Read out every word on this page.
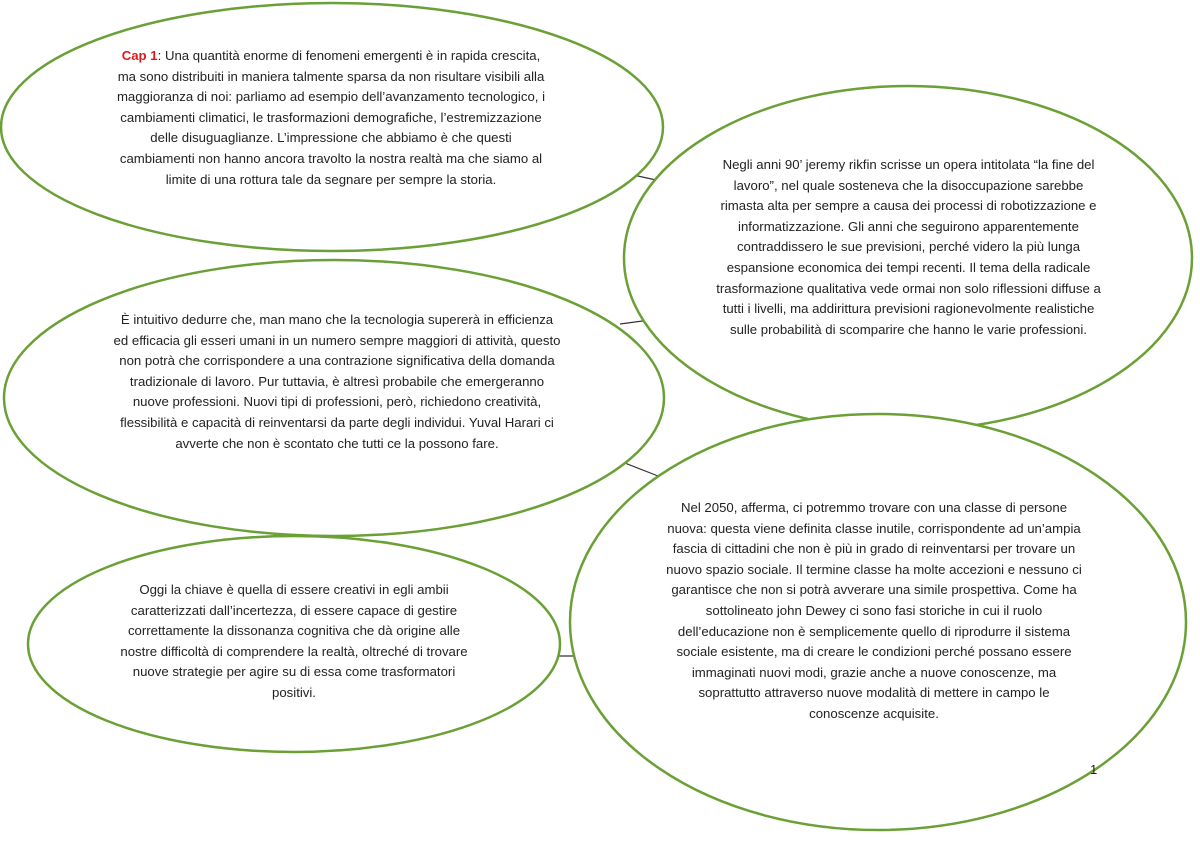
Cap 1: Una quantità enorme di fenomeni emergenti è in rapida crescita, ma sono distribuiti in maniera talmente sparsa da non risultare visibili alla maggioranza di noi: parliamo ad esempio dell’avanzamento tecnologico, i cambiamenti climatici, le trasformazioni demografiche, l’estremizzazione delle disuguaglianze. L’impressione che abbiamo è che questi cambiamenti non hanno ancora travolto la nostra realtà ma che siamo al limite di una rottura tale da segnare per sempre la storia.
Negli anni 90’ jeremy rikfin scrisse un opera intitolata “la fine del lavoro”, nel quale sosteneva che la disoccupazione sarebbe rimasta alta per sempre a causa dei processi di robotizzazione e informatizzazione. Gli anni che seguirono apparentemente contraddissero le sue previsioni, perché videro la più lunga espansione economica dei tempi recenti. Il tema della radicale trasformazione qualitativa vede ormai non solo riflessioni diffuse a tutti i livelli, ma addirittura previsioni ragionevolmente realistiche sulle probabilità di scomparire che hanno le varie professioni.
È intuitivo dedurre che, man mano che la tecnologia supererà in efficienza ed efficacia gli esseri umani in un numero sempre maggiori di attività, questo non potrà che corrispondere a una contrazione significativa della domanda tradizionale di lavoro. Pur tuttavia, è altresì probabile che emergeranno nuove professioni. Nuovi tipi di professioni, però, richiedono creatività, flessibilità e capacità di reinventarsi da parte degli individui. Yuval Harari ci avverte che non è scontato che tutti ce la possono fare.
Nel 2050, afferma, ci potremmo trovare con una classe di persone nuova: questa viene definita classe inutile, corrispondente ad un’ampia fascia di cittadini che non è più in grado di reinventarsi per trovare un nuovo spazio sociale. Il termine classe ha molte accezioni e nessuno ci garantisce che non si potrà avverare una simile prospettiva. Come ha sottolineato john Dewey ci sono fasi storiche in cui il ruolo dell’educazione non è semplicemente quello di riprodurre il sistema sociale esistente, ma di creare le condizioni perché possano essere immaginati nuovi modi, grazie anche a nuove conoscenze, ma soprattutto attraverso nuove modalità di mettere in campo le conoscenze acquisite.
Oggi la chiave è quella di essere creativi in egli ambii caratterizzati dall’incertezza, di essere capace di gestire correttamente la dissonanza cognitiva che dà origine alle nostre difficoltà di comprendere la realtà, oltreché di trovare nuove strategie per agire su di essa come trasformatori positivi.
1
